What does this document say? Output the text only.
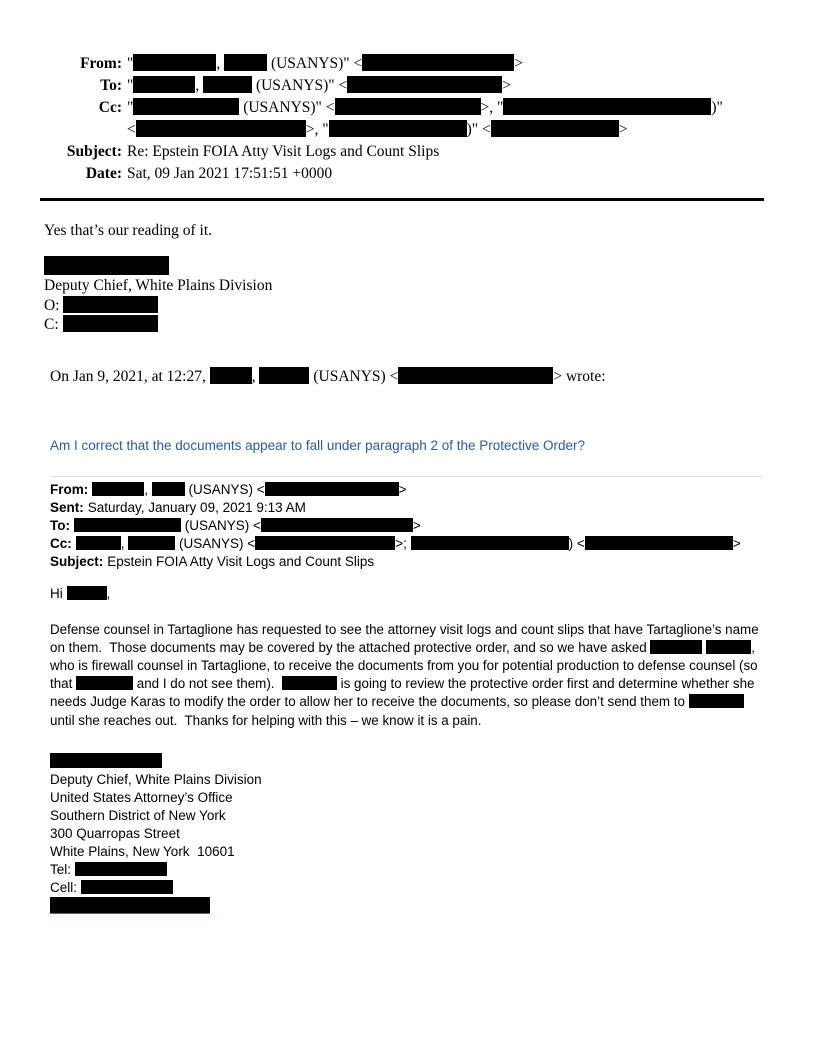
From: "	,	(USANYS)" <	>
To: "	,	(USANYS)" <	>
Cc: "	(USANYS)" <	>, "	)"
<	>, "	)" <	>
Subject: Re: Epstein FOIA Atty Visit Logs and Count Slips
Date: Sat, 09 Jan 2021 17:51:51 +0000
Yes that’s our reading of it.
Deputy Chief, White Plains Division
O:
C:
On Jan 9, 2021, at 12:27,	,	(USANYS) <	> wrote:
Am I correct that the documents appear to fall under paragraph 2 of the Protective Order?
From:	,  (USANYS) <	>
Sent: Saturday, January 09, 2021 9:13 AM
To:	(USANYS) <	>
Cc:	,	(USANYS) <	>;	) <	>
Subject: Epstein FOIA Atty Visit Logs and Count Slips
Hi	,
Defense counsel in Tartaglione has requested to see the attorney visit logs and count slips that have Tartaglione’s name on them.  Those documents may be covered by the attached protective order, and so we have asked	, who is firewall counsel in Tartaglione, to receive the documents from you for potential production to defense counsel (so that	and I do not see them).	is going to review the protective order first and determine whether she needs Judge Karas to modify the order to allow her to receive the documents, so please don’t send them to	until she reaches out.  Thanks for helping with this – we know it is a pain.
Deputy Chief, White Plains Division
United States Attorney’s Office
Southern District of New York
300 Quarropas Street
White Plains, New York  10601
Tel:
Cell:
